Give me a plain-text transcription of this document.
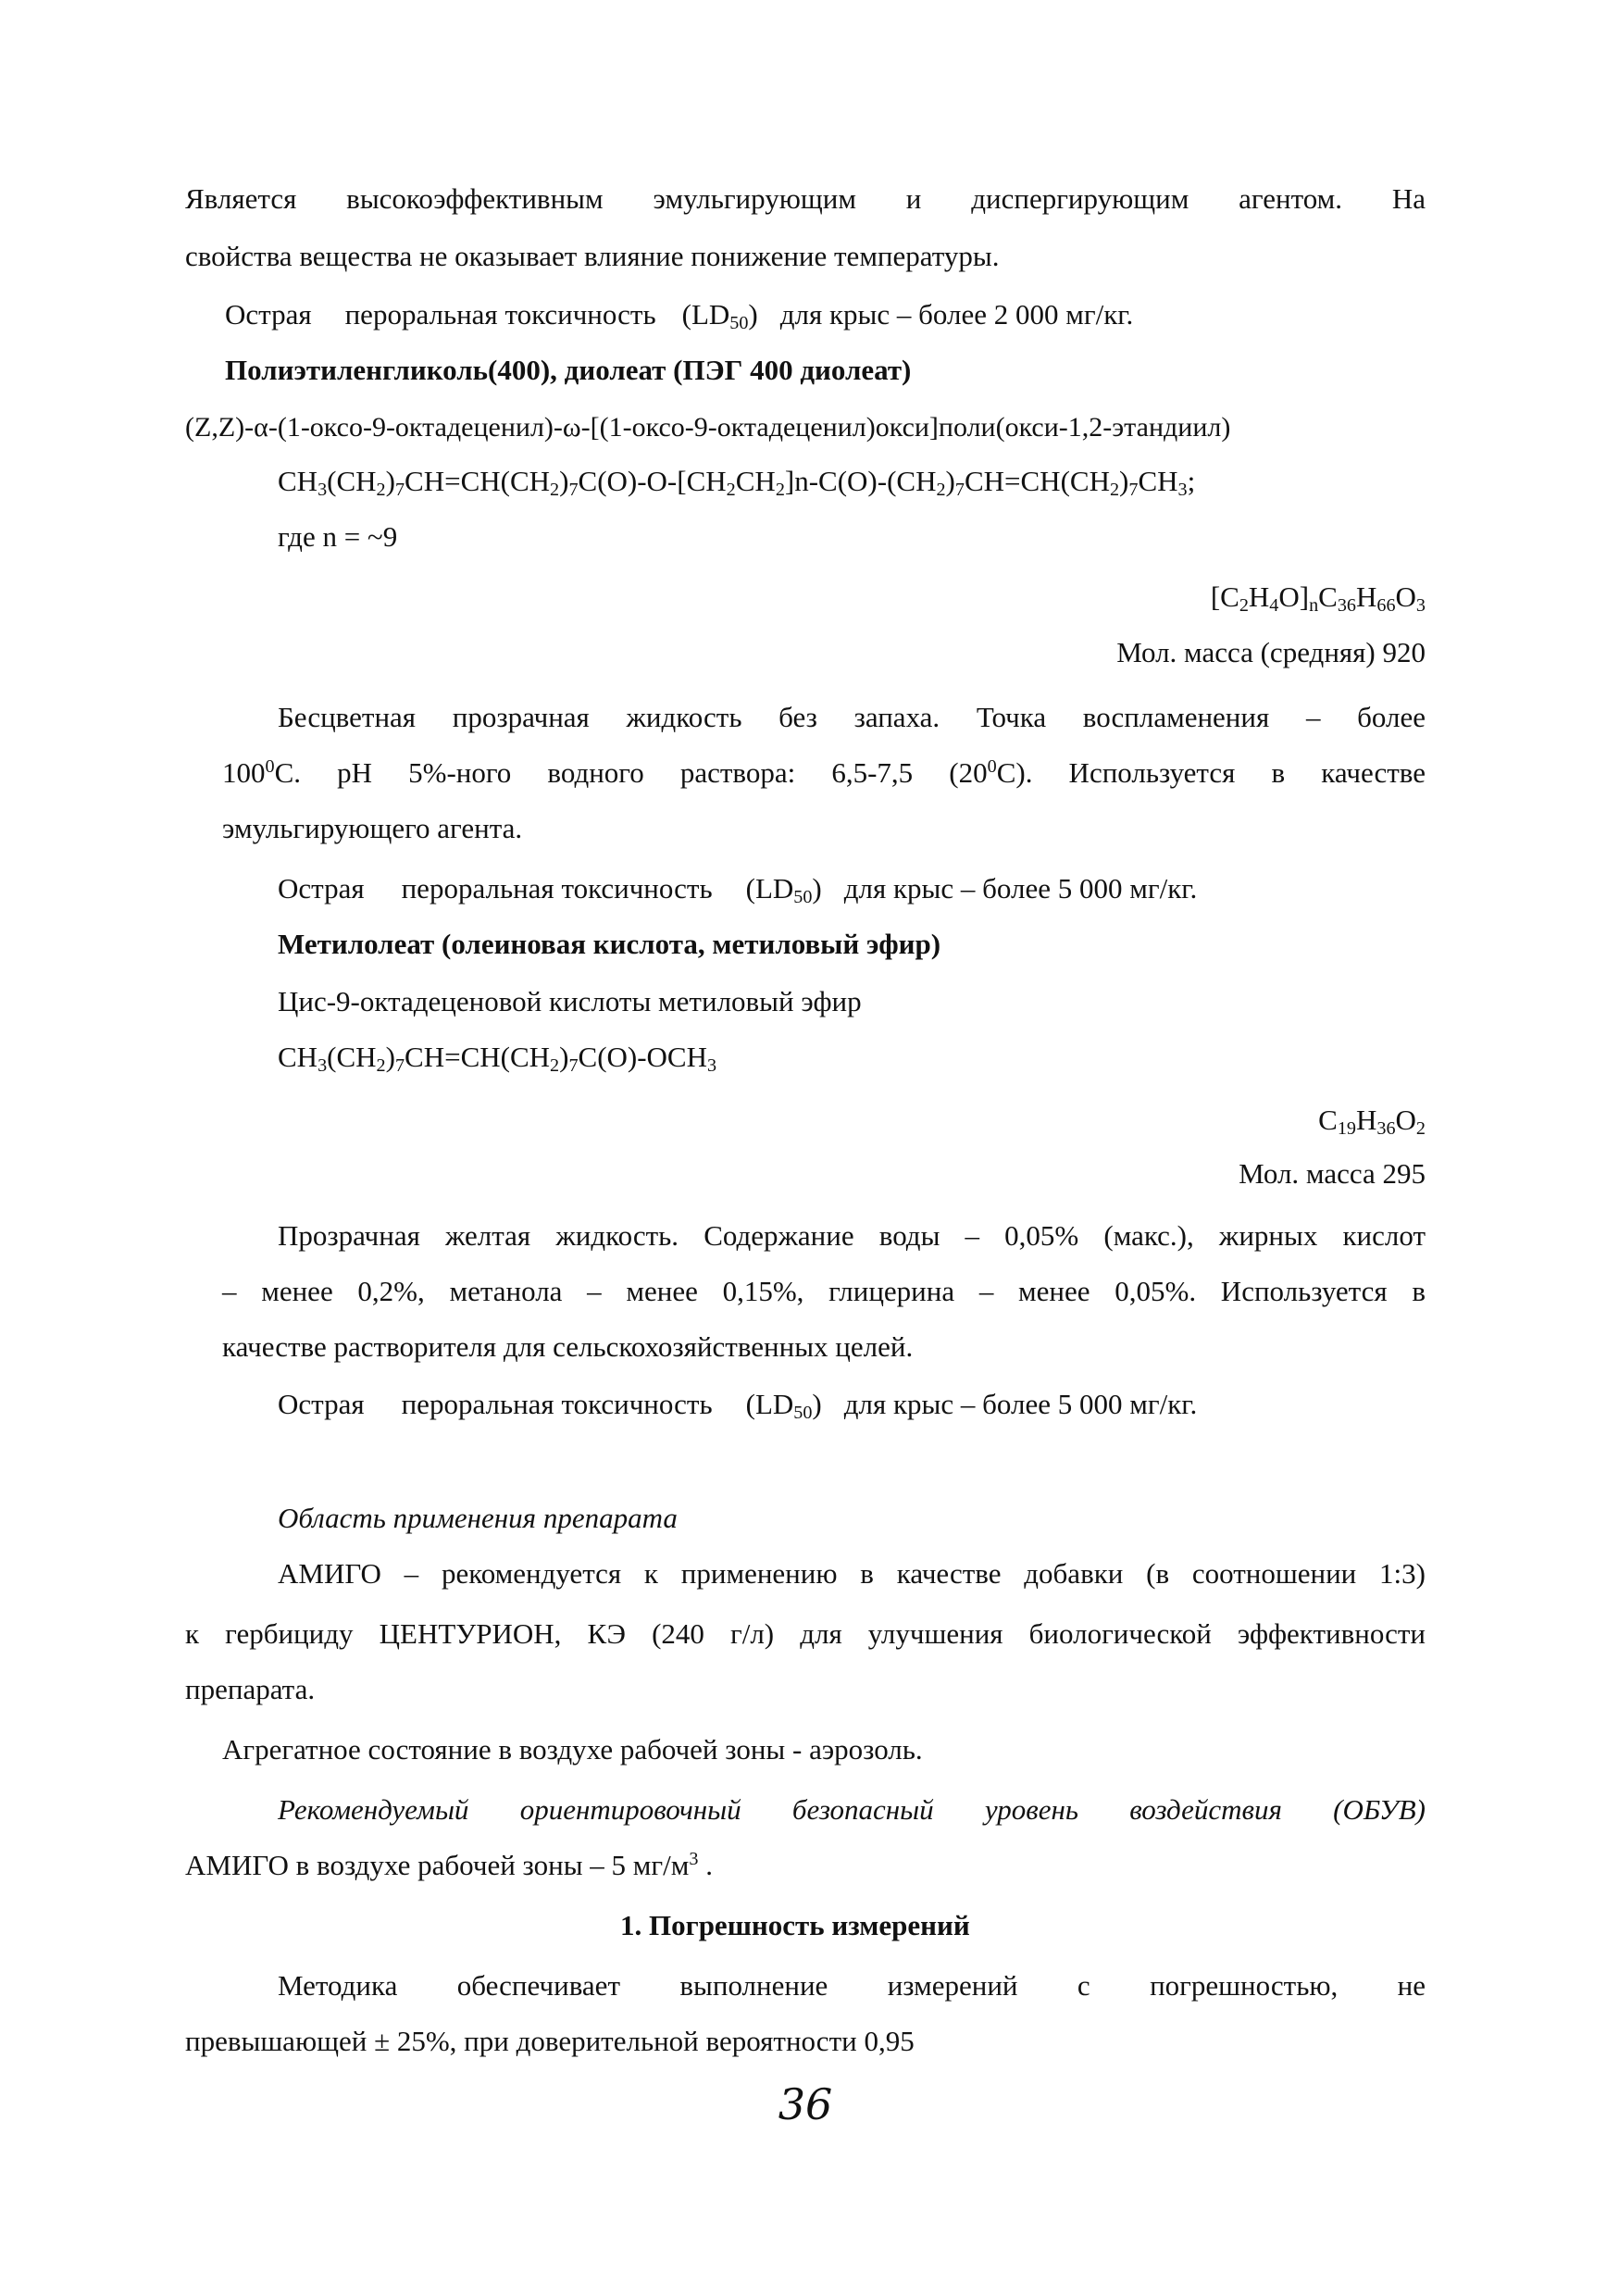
Является высокоэффективным эмульгирующим и диспергирующим агентом. На

свойства вещества не оказывает влияние понижение температуры.

Острая пероральная токсичность $(LD_{50})$ для крыс – более 2 000 мг/кг.

Полиэтиленгликоль(400), диолеат (ПЭГ 400 диолеат)

(Z,Z)-α-(1-оксо-9-октадеценил)-ω-[(1-оксо-9-октадеценил)окси]поли(окси-1,2-этандиил)

$CH_3(CH_2)_7CH=CH(CH_2)_7C(O)-O-[CH_2CH_2]n-C(O)-(CH_2)_7CH=CH(CH_2)_7CH_3$;

где n = ~9

$[C_2H_4O]_nC_{36}H_{66}O_3$

Мол. масса (средняя) 920

Бесцветная прозрачная жидкость без запаха. Точка воспламенения – более

$100^0С$. pH 5%-ного водного раствора: 6,5-7,5 $(20^0С)$. Используется в качестве

эмульгирующего агента.

Острая пероральная токсичность $(LD_{50})$ для крыс – более 5 000 мг/кг.

Метилолеат (олеиновая кислота, метиловый эфир)

Цис-9-октадеценовой кислоты метиловый эфир

$CH_3(CH_2)_7CH=CH(CH_2)_7C(O)-OCH_3$

$C_{19}H_{36}O_2$

Мол. масса 295

Прозрачная желтая жидкость. Содержание воды – 0,05% (макс.), жирных кислот

– менее 0,2%, метанола – менее 0,15%, глицерина – менее 0,05%. Используется в

качестве растворителя для сельскохозяйственных целей.

Острая пероральная токсичность $(LD_{50})$ для крыс – более 5 000 мг/кг.

Область применения препарата

АМИГО – рекомендуется к применению в качестве добавки (в соотношении 1:3)

к гербициду ЦЕНТУРИОН, КЭ (240 г/л) для улучшения биологической эффективности

препарата.

Агрегатное состояние в воздухе рабочей зоны - аэрозоль.

Рекомендуемый ориентировочный безопасный уровень воздействия (ОБУВ)

АМИГО в воздухе рабочей зоны – 5 $мг/м^3$ .

1. Погрешность измерений

Методика обеспечивает выполнение измерений с погрешностью, не

превышающей ± 25%, при доверительной вероятности 0,95

36
